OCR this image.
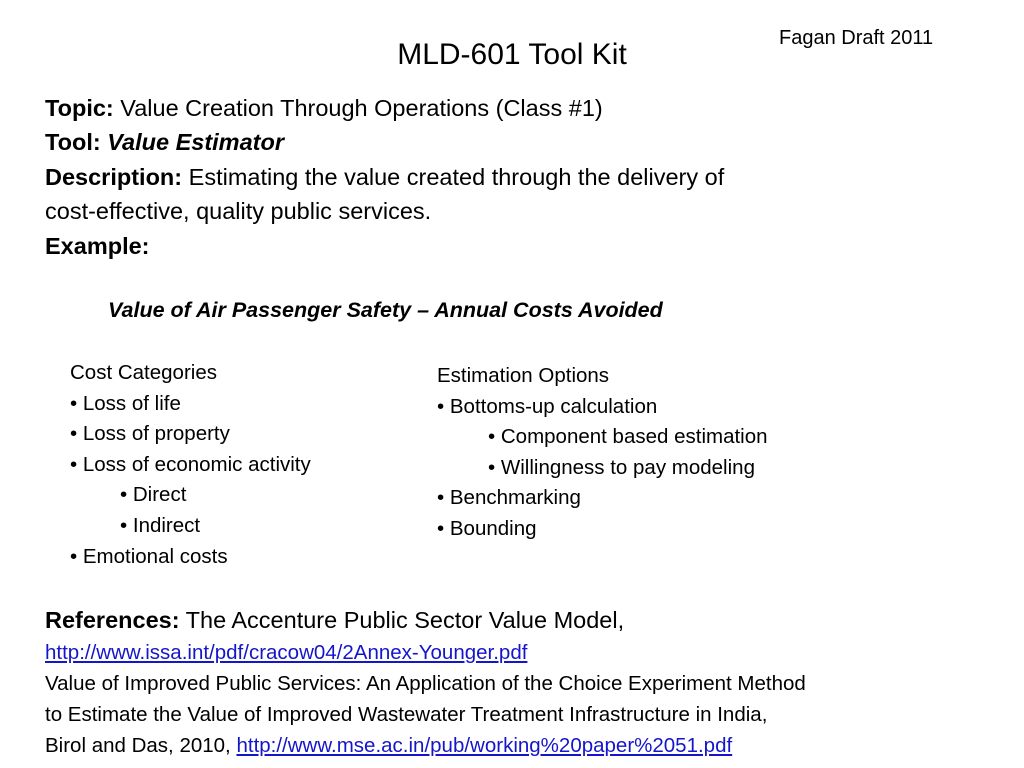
Fagan Draft 2011
MLD-601 Tool Kit
Topic: Value Creation Through Operations (Class #1)
Tool: Value Estimator
Description: Estimating the value created through the delivery of
cost-effective, quality public services.
Example:
Value of Air Passenger Safety – Annual Costs Avoided
Cost Categories
• Loss of life
• Loss of property
• Loss of economic activity
• Direct
• Indirect
• Emotional costs
Estimation Options
• Bottoms-up calculation
• Component based estimation
• Willingness to pay modeling
• Benchmarking
• Bounding
References: The Accenture Public Sector Value Model,
http://www.issa.int/pdf/cracow04/2Annex-Younger.pdf
Value of Improved Public Services: An Application of the Choice Experiment Method
to Estimate the Value of Improved Wastewater Treatment Infrastructure in India,
Birol and Das, 2010, http://www.mse.ac.in/pub/working%20paper%2051.pdf
